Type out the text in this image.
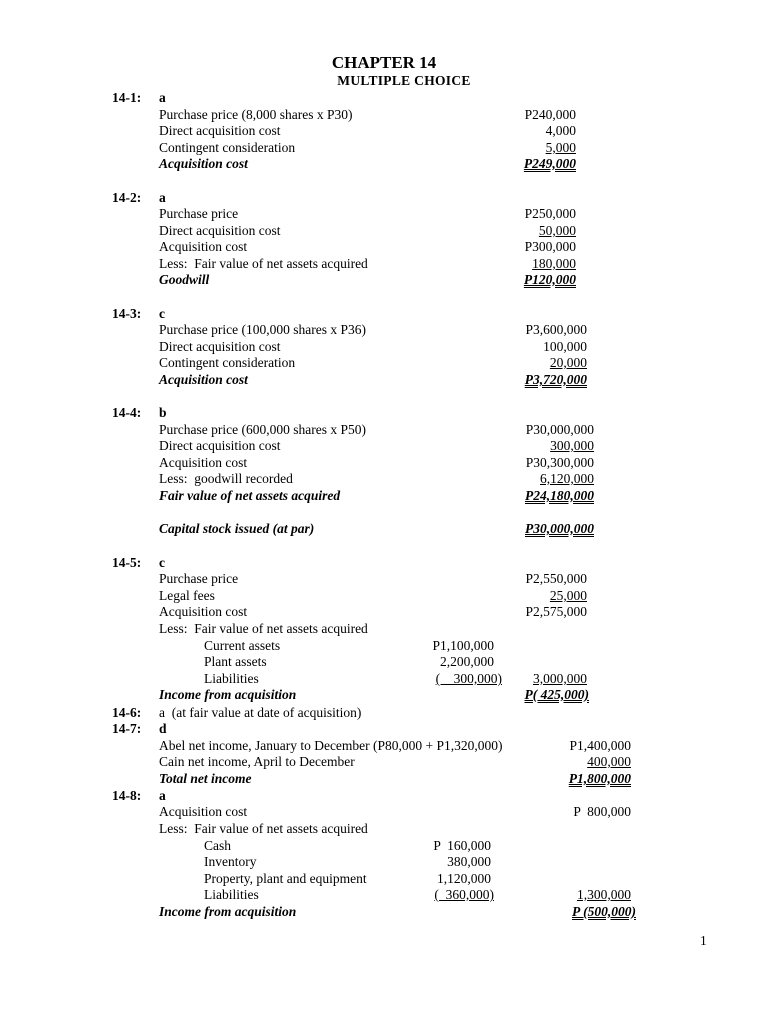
CHAPTER 14
MULTIPLE CHOICE
14-1: a
Purchase price (8,000 shares x P30)
Direct acquisition cost
Contingent consideration
Acquisition cost
P240,000
4,000
5,000
P249,000
14-2: a
Purchase price
Direct acquisition cost
Acquisition cost
Less:  Fair value of net assets acquired
Goodwill
P250,000
50,000
P300,000
180,000
P120,000
14-3: c
Purchase price (100,000 shares x P36)
Direct acquisition cost
Contingent consideration
Acquisition cost
P3,600,000
100,000
20,000
P3,720,000
14-4: b
Purchase price (600,000 shares x P50)
Direct acquisition cost
Acquisition cost
Less:  goodwill recorded
Fair value of net assets acquired
Capital stock issued (at par)
P30,000,000
300,000
P30,300,000
6,120,000
P24,180,000
P30,000,000
14-5: c
Purchase price
Legal fees
Acquisition cost
Less:  Fair value of net assets acquired
Current assets
Plant assets
Liabilities
Income from acquisition
P1,100,000
2,200,000
(    300,000)
P2,550,000
25,000
P2,575,000
3,000,000
P( 425,000)
14-6: a  (at fair value at date of acquisition)
14-7: d
Abel net income, January to December (P80,000 + P1,320,000)
Cain net income, April to December
Total net income
P1,400,000
400,000
P1,800,000
14-8: a
Acquisition cost
Less:  Fair value of net assets acquired
Cash
Inventory
Property, plant and equipment
Liabilities
Income from acquisition
P  160,000
380,000
1,120,000
(  360,000)
P  800,000
1,300,000
P (500,000)
1
